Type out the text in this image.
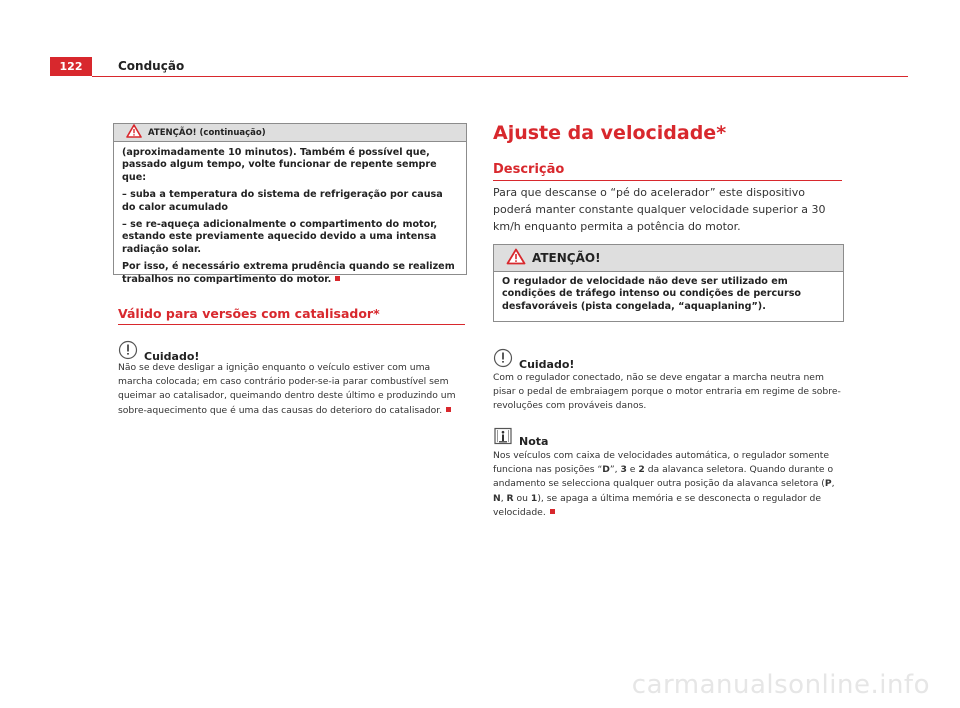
122	Condução
ATENÇÃO! (continuação)

(aproximadamente 10 minutos). Também é possível que, passado algum tempo, volte funcionar de repente sempre que:

– suba a temperatura do sistema de refrigeração por causa do calor acumulado

– se re-aqueça adicionalmente o compartimento do motor, estando este previamente aquecido devido a uma intensa radiação solar.

Por isso, é necessário extrema prudência quando se realizem trabalhos no compartimento do motor.

Válido para versões com catalisador*
Cuidado!

Não se deve desligar a ignição enquanto o veículo estiver com uma marcha colocada; em caso contrário poder-se-ia parar combustível sem queimar ao catalisador, queimando dentro deste último e produzindo um sobre-aquecimento que é uma das causas do deterioro do catalisador.

Ajuste da velocidade*
Descrição

Para que descanse o “pé do acelerador” este dispositivo poderá manter constante qualquer velocidade superior a 30 km/h enquanto permita a potência do motor.

ATENÇÃO!

O regulador de velocidade não deve ser utilizado em condições de tráfego intenso ou condições de percurso desfavoráveis (pista congelada, “aquaplaning”).

Cuidado!

Com o regulador conectado, não se deve engatar a marcha neutra nem pisar o pedal de embraiagem porque o motor entraria em regime de sobre-revoluções com prováveis danos.

Nota

Nos veículos com caixa de velocidades automática, o regulador somente funciona nas posições “D”, 3 e 2 da alavanca seletora. Quando durante o andamento se selecciona qualquer outra posição da alavanca seletora (P, N, R ou 1), se apaga a última memória e se desconecta o regulador de velocidade.

carmanualsonline.info
